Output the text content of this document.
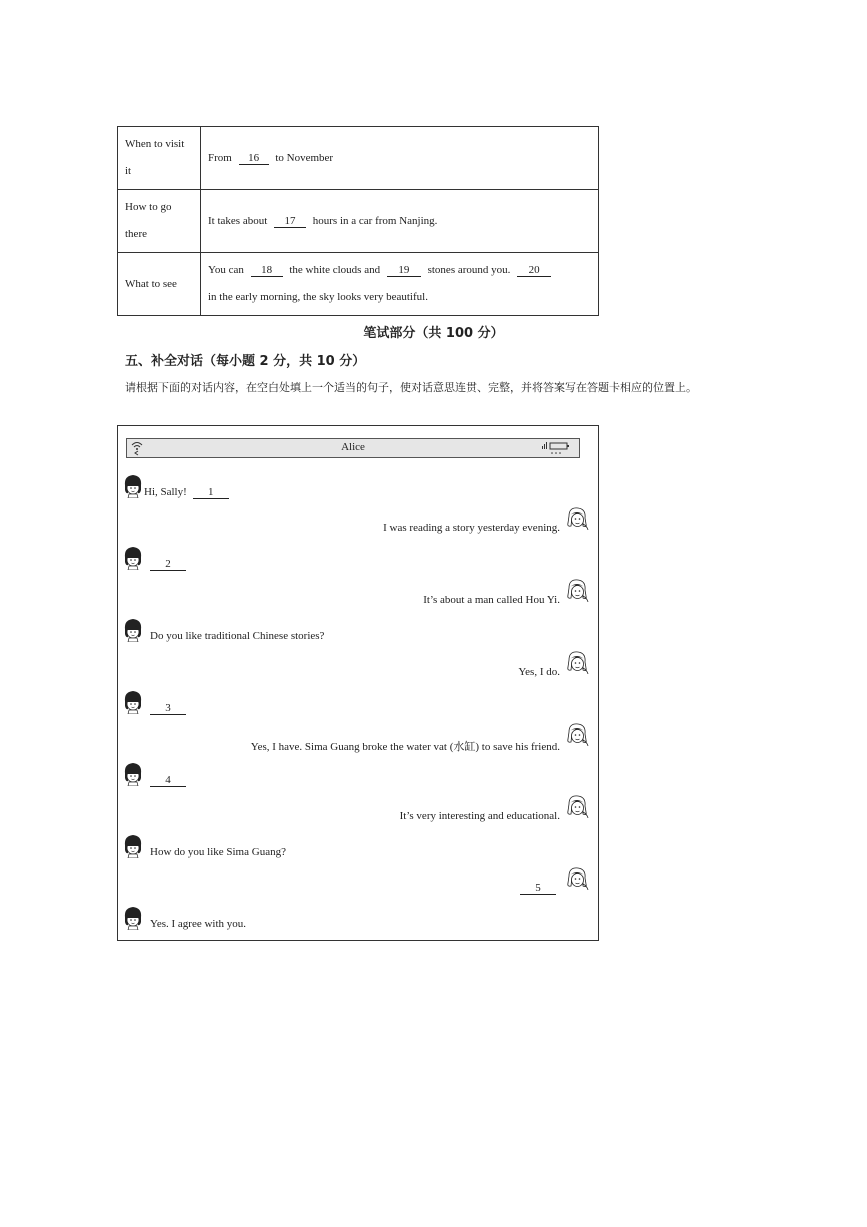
When to visit it	From 16 to November
How to go there	It takes about 17 hours in a car from Nanjing.
What to see	You can 18 the white clouds and 19 stones around you. 20
in the early morning, the sky looks very beautiful.
笔试部分（共 100 分）
五、补全对话（每小题 2 分，共 10 分）
请根据下面的对话内容，在空白处填上一个适当的句子，使对话意思连贯、完整，并将答案写在答题卡相应的位置上。
Alice
Hi, Sally! 1
I was reading a story yesterday evening.
2
It’s about a man called Hou Yi.
Do you like traditional Chinese stories?
Yes, I do.
3
Yes, I have. Sima Guang broke the water vat (水缸) to save his friend.
4
It’s very interesting and educational.
How do you like Sima Guang?
5
Yes. I agree with you.
